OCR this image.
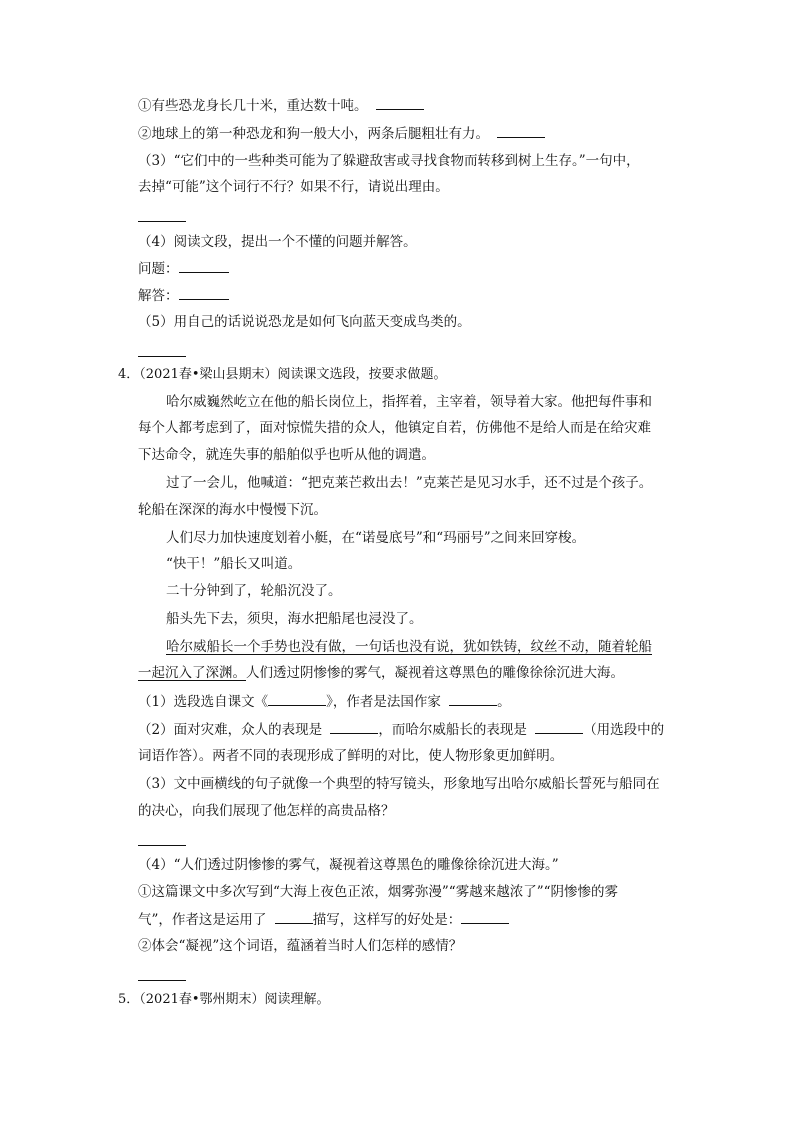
①有些恐龙身长几十米，重达数十吨。
②地球上的第一种恐龙和狗一般大小，两条后腿粗壮有力。
（3）“它们中的一些种类可能为了躲避敌害或寻找食物而转移到树上生存。”一句中，
去掉“可能”这个词行不行？如果不行，请说出理由。
（4）阅读文段，提出一个不懂的问题并解答。
问题：
解答：
（5）用自己的话说说恐龙是如何飞向蓝天变成鸟类的。
4．（2021春•梁山县期末）阅读课文选段，按要求做题。
哈尔威巍然屹立在他的船长岗位上，指挥着，主宰着，领导着大家。他把每件事和
每个人都考虑到了，面对惊慌失措的众人，他镇定自若，仿佛他不是给人而是在给灾难
下达命令，就连失事的船舶似乎也听从他的调遣。
过了一会儿，他喊道：“把克莱芒救出去！”克莱芒是见习水手，还不过是个孩子。
轮船在深深的海水中慢慢下沉。
人们尽力加快速度划着小艇，在“诺曼底号”和“玛丽号”之间来回穿梭。
“快干！”船长又叫道。
二十分钟到了，轮船沉没了。
船头先下去，须臾，海水把船尾也浸没了。
哈尔威船长一个手势也没有做，一句话也没有说，犹如铁铸，纹丝不动，随着轮船
一起沉入了深渊。人们透过阴惨惨的雾气，凝视着这尊黑色的雕像徐徐沉进大海。
（1）选段选自课文《	》，作者是法国作家	。
（2）面对灾难，众人的表现是	，而哈尔威船长的表现是	（用选段中的
词语作答）。两者不同的表现形成了鲜明的对比，使人物形象更加鲜明。
（3）文中画横线的句子就像一个典型的特写镜头，形象地写出哈尔威船长誓死与船同在
的决心，向我们展现了他怎样的高贵品格？
（4）“人们透过阴惨惨的雾气，凝视着这尊黑色的雕像徐徐沉进大海。”
①这篇课文中多次写到“大海上夜色正浓，烟雾弥漫”“雾越来越浓了”“阴惨惨的雾
气”，作者这是运用了	描写，这样写的好处是：
②体会“凝视”这个词语，蕴涵着当时人们怎样的感情？
5．（2021春•鄂州期末）阅读理解。
